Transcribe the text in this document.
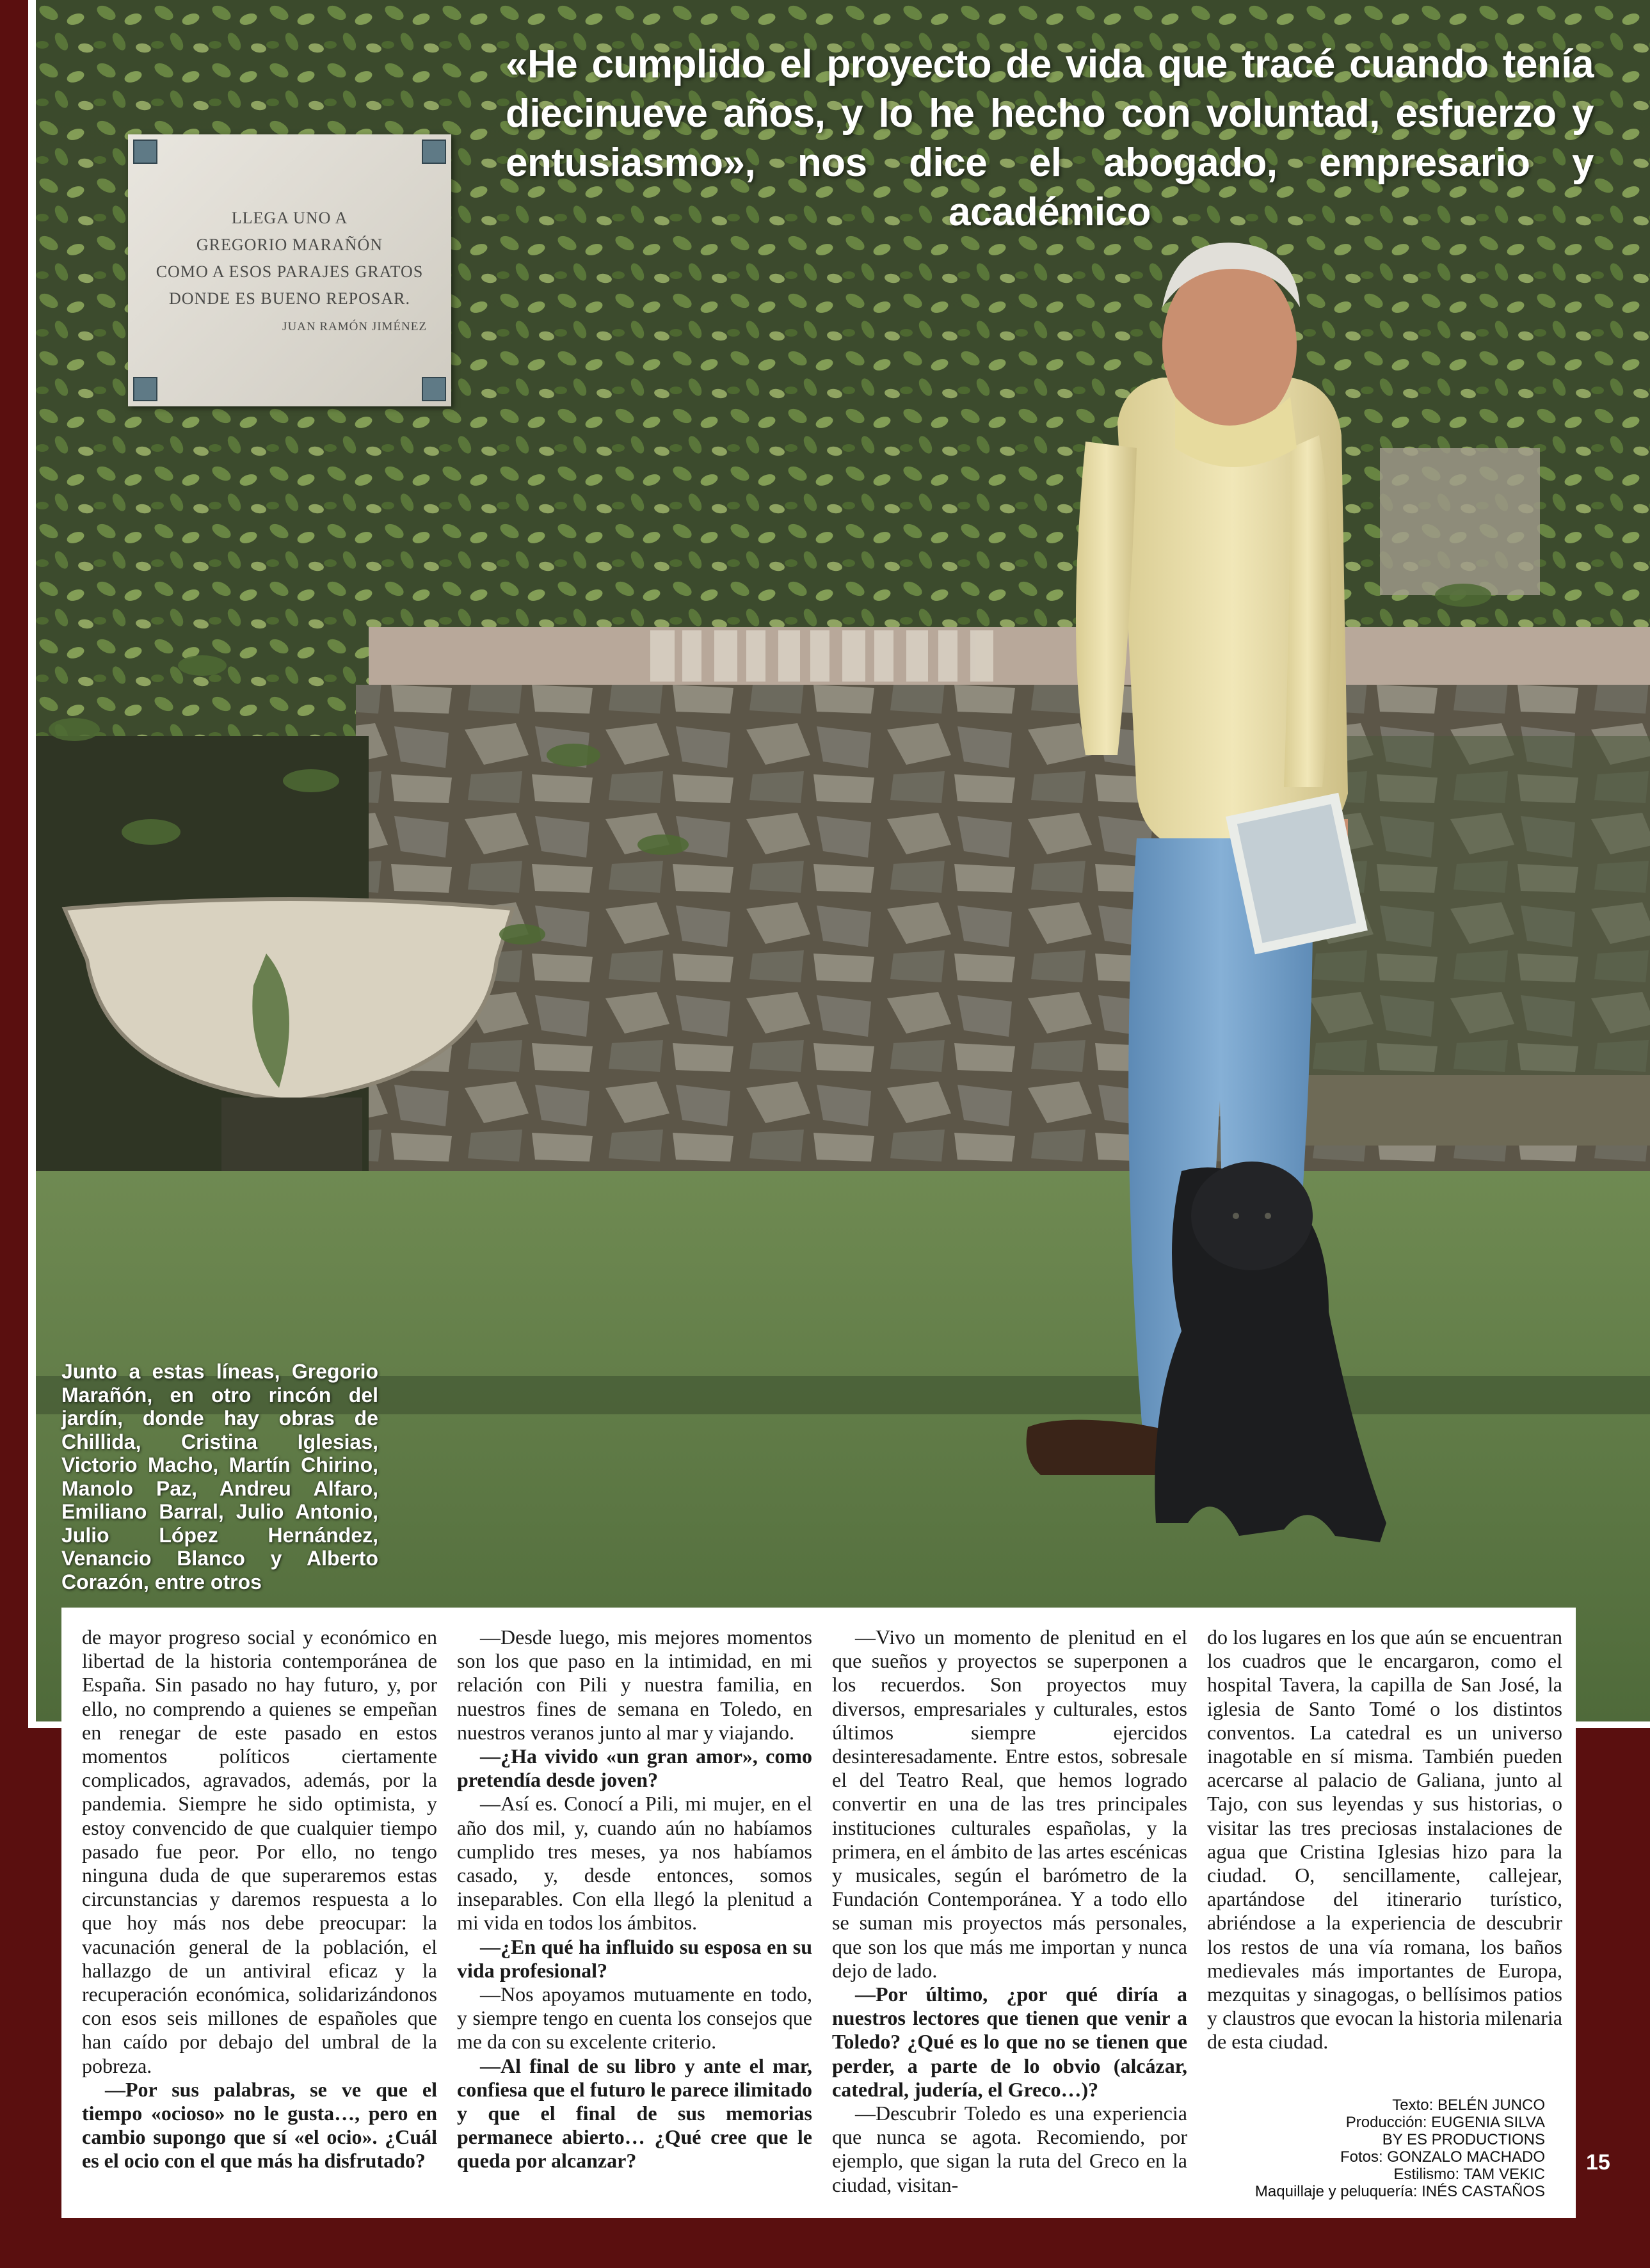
LLEGA UNO A
GREGORIO MARAÑÓN
COMO A ESOS PARAJES GRATOS
DONDE ES BUENO REPOSAR.
JUAN RAMÓN JIMÉNEZ
«He cumplido el proyecto de vida que tracé cuando tenía diecinueve años, y lo he hecho con voluntad, esfuerzo y entusiasmo», nos dice el abogado, empresario y académico
Junto a estas líneas, Gregorio Marañón, en otro rincón del jardín, donde hay obras de Chillida, Cristina Iglesias, Victorio Macho, Martín Chirino, Manolo Paz, Andreu Alfaro, Emiliano Barral, Julio Antonio, Julio López Hernández, Venancio Blanco y Alberto Corazón, entre otros

de mayor progreso social y económico en libertad de la historia contemporánea de España. Sin pasado no hay futuro, y, por ello, no comprendo a quienes se empeñan en renegar de este pasado en estos momentos políticos ciertamente complicados, agravados, además, por la pandemia. Siempre he sido optimista, y estoy convencido de que cualquier tiempo pasado fue peor. Por ello, no tengo ninguna duda de que superaremos estas circunstancias y daremos respuesta a lo que hoy más nos debe preocupar: la vacunación general de la población, el hallazgo de un antiviral eficaz y la recuperación económica, solidarizándonos con esos seis millones de españoles que han caído por debajo del umbral de la pobreza.

—Por sus palabras, se ve que el tiempo «ocioso» no le gusta…, pero en cambio supongo que sí «el ocio». ¿Cuál es el ocio con el que más ha disfrutado?

—Desde luego, mis mejores momentos son los que paso en la intimidad, en mi relación con Pili y nuestra familia, en nuestros fines de semana en Toledo, en nuestros veranos junto al mar y viajando.

—¿Ha vivido «un gran amor», como pretendía desde joven?

—Así es. Conocí a Pili, mi mujer, en el año dos mil, y, cuando aún no habíamos cumplido tres meses, ya nos habíamos casado, y, desde entonces, somos inseparables. Con ella llegó la plenitud a mi vida en todos los ámbitos.

—¿En qué ha influido su esposa en su vida profesional?

—Nos apoyamos mutuamente en todo, y siempre tengo en cuenta los consejos que me da con su excelente criterio.

—Al final de su libro y ante el mar, confiesa que el futuro le parece ilimitado y que el final de sus memorias permanece abierto… ¿Qué cree que le queda por alcanzar?

—Vivo un momento de plenitud en el que sueños y proyectos se superponen a los recuerdos. Son proyectos muy diversos, empresariales y culturales, estos últimos siempre ejercidos desinteresadamente. Entre estos, sobresale el del Teatro Real, que hemos logrado convertir en una de las tres principales instituciones culturales españolas, y la primera, en el ámbito de las artes escénicas y musicales, según el barómetro de la Fundación Contemporánea. Y a todo ello se suman mis proyectos más personales, que son los que más me importan y nunca dejo de lado.

—Por último, ¿por qué diría a nuestros lectores que tienen que venir a Toledo? ¿Qué es lo que no se tienen que perder, a parte de lo obvio (alcázar, catedral, judería, el Greco…)?

—Descubrir Toledo es una experiencia que nunca se agota. Recomiendo, por ejemplo, que sigan la ruta del Greco en la ciudad, visitan-

do los lugares en los que aún se encuentran los cuadros que le encargaron, como el hospital Tavera, la capilla de San José, la iglesia de Santo Tomé o los distintos conventos. La catedral es un universo inagotable en sí misma. También pueden acercarse al palacio de Galiana, junto al Tajo, con sus leyendas y sus historias, o visitar las tres preciosas instalaciones de agua que Cristina Iglesias hizo para la ciudad. O, sencillamente, callejear, apartándose del itinerario turístico, abriéndose a la experiencia de descubrir los restos de una vía romana, los baños medievales más importantes de Europa, mezquitas y sinagogas, o bellísimos patios y claustros que evocan la historia milenaria de esta ciudad.

Texto: BELÉN JUNCO
Producción: EUGENIA SILVA
BY ES PRODUCTIONS
Fotos: GONZALO MACHADO
Estilismo: TAM VEKIC
Maquillaje y peluquería: INÉS CASTAÑOS
15
